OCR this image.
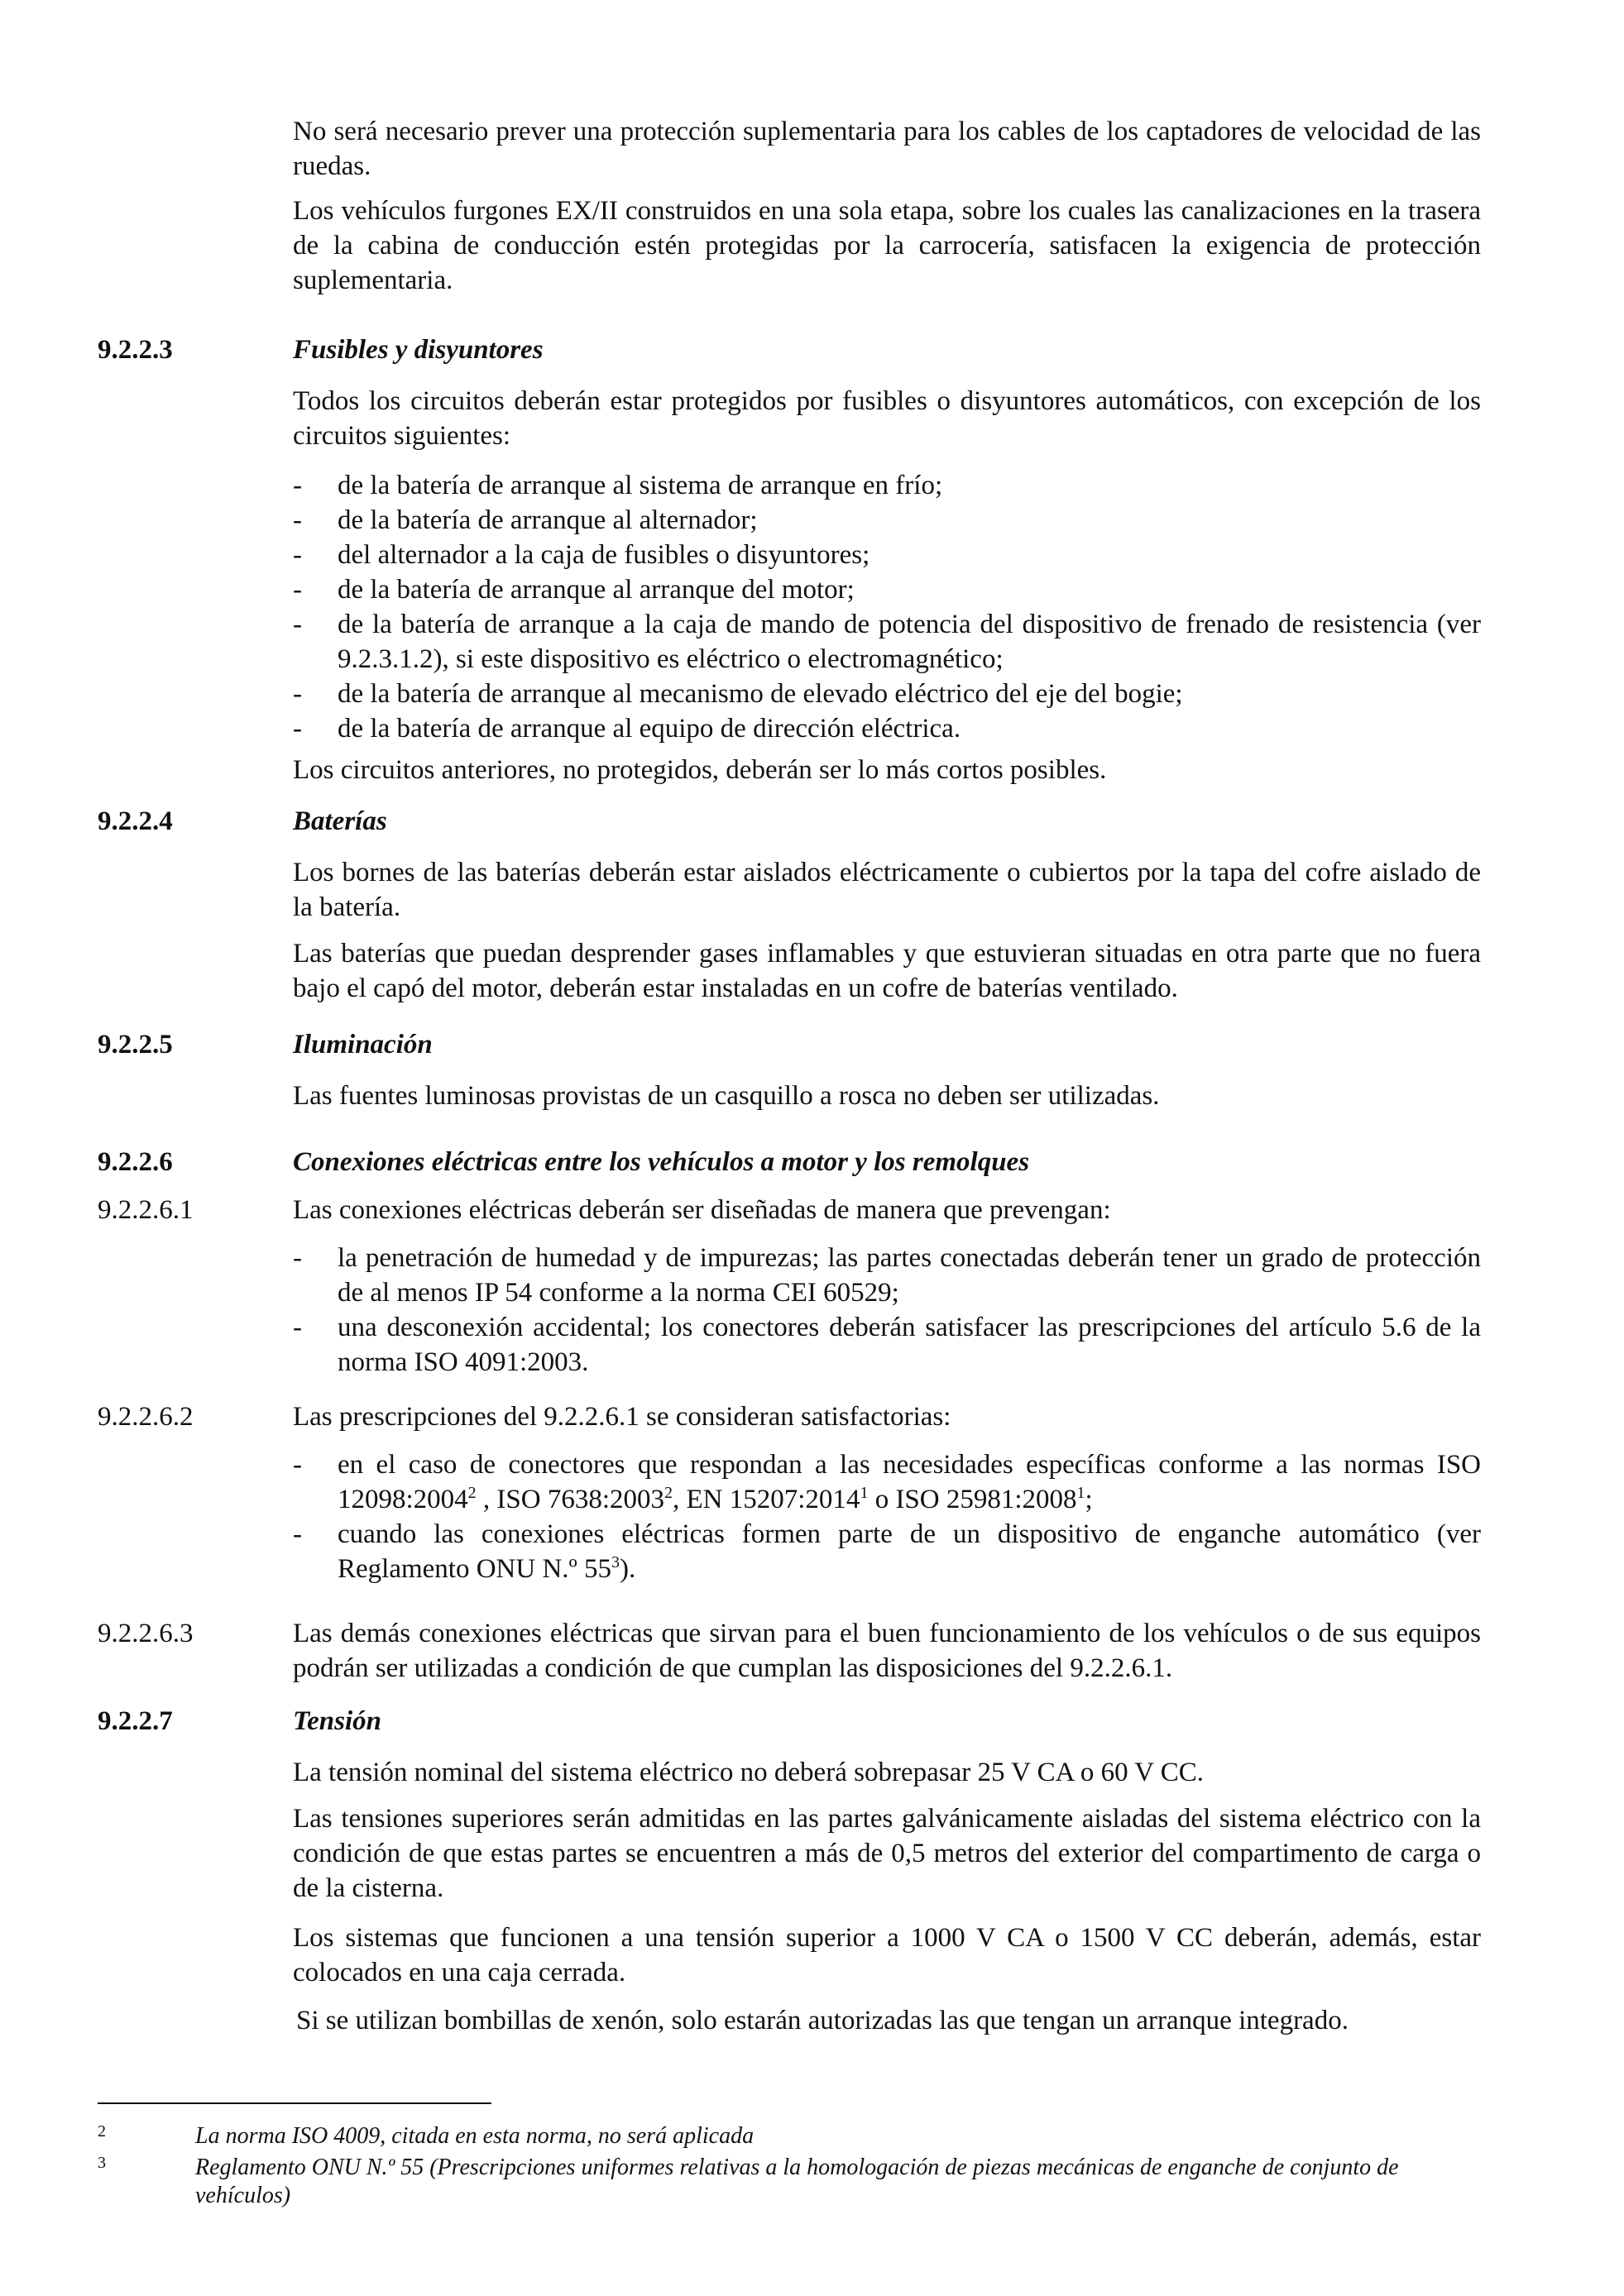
No será necesario prever una protección suplementaria para los cables de los captadores de velocidad de las ruedas.
Los vehículos furgones EX/II construidos en una sola etapa, sobre los cuales las canalizaciones en la trasera de la cabina de conducción estén protegidas por la carrocería, satisfacen la exigencia de protección suplementaria.
9.2.2.3	Fusibles y disyuntores
Todos los circuitos deberán estar protegidos por fusibles o disyuntores automáticos, con excepción de los circuitos siguientes:
- de la batería de arranque al sistema de arranque en frío;
- de la batería de arranque al alternador;
- del alternador a la caja de fusibles o disyuntores;
- de la batería de arranque al arranque del motor;
- de la batería de arranque a la caja de mando de potencia del dispositivo de frenado de resistencia (ver 9.2.3.1.2), si este dispositivo es eléctrico o electromagnético;
- de la batería de arranque al mecanismo de elevado eléctrico del eje del bogie;
- de la batería de arranque al equipo de dirección eléctrica.
Los circuitos anteriores, no protegidos, deberán ser lo más cortos posibles.
9.2.2.4	Baterías
Los bornes de las baterías deberán estar aislados eléctricamente o cubiertos por la tapa del cofre aislado de la batería.
Las baterías que puedan desprender gases inflamables y que estuvieran situadas en otra parte que no fuera bajo el capó del motor, deberán estar instaladas en un cofre de baterías ventilado.
9.2.2.5	Iluminación
Las fuentes luminosas provistas de un casquillo a rosca no deben ser utilizadas.
9.2.2.6	Conexiones eléctricas entre los vehículos a motor y los remolques
9.2.2.6.1	Las conexiones eléctricas deberán ser diseñadas de manera que prevengan:
- la penetración de humedad y de impurezas; las partes conectadas deberán tener un grado de protección de al menos IP 54 conforme a la norma CEI 60529;
- una desconexión accidental; los conectores deberán satisfacer las prescripciones del artículo 5.6 de la norma ISO 4091:2003.
9.2.2.6.2	Las prescripciones del 9.2.2.6.1 se consideran satisfactorias:
- en el caso de conectores que respondan a las necesidades específicas conforme a las normas ISO 12098:2004$^2$ , ISO 7638:2003$^2$, EN 15207:2014$^1$ o ISO 25981:2008$^1$;
- cuando las conexiones eléctricas formen parte de un dispositivo de enganche automático (ver Reglamento ONU N.º $55^3$).
9.2.2.6.3	Las demás conexiones eléctricas que sirvan para el buen funcionamiento de los vehículos o de sus equipos podrán ser utilizadas a condición de que cumplan las disposiciones del 9.2.2.6.1.
9.2.2.7	Tensión
La tensión nominal del sistema eléctrico no deberá sobrepasar 25 V CA o 60 V CC.
Las tensiones superiores serán admitidas en las partes galvánicamente aisladas del sistema eléctrico con la condición de que estas partes se encuentren a más de 0,5 metros del exterior del compartimento de carga o de la cisterna.
Los sistemas que funcionen a una tensión superior a 1000 V CA o 1500 V CC deberán, además, estar colocados en una caja cerrada.
Si se utilizan bombillas de xenón, solo estarán autorizadas las que tengan un arranque integrado.
2	La norma ISO 4009, citada en esta norma, no será aplicada
3	Reglamento ONU N.º 55 (Prescripciones uniformes relativas a la homologación de piezas mecánicas de enganche de conjunto de vehículos)
